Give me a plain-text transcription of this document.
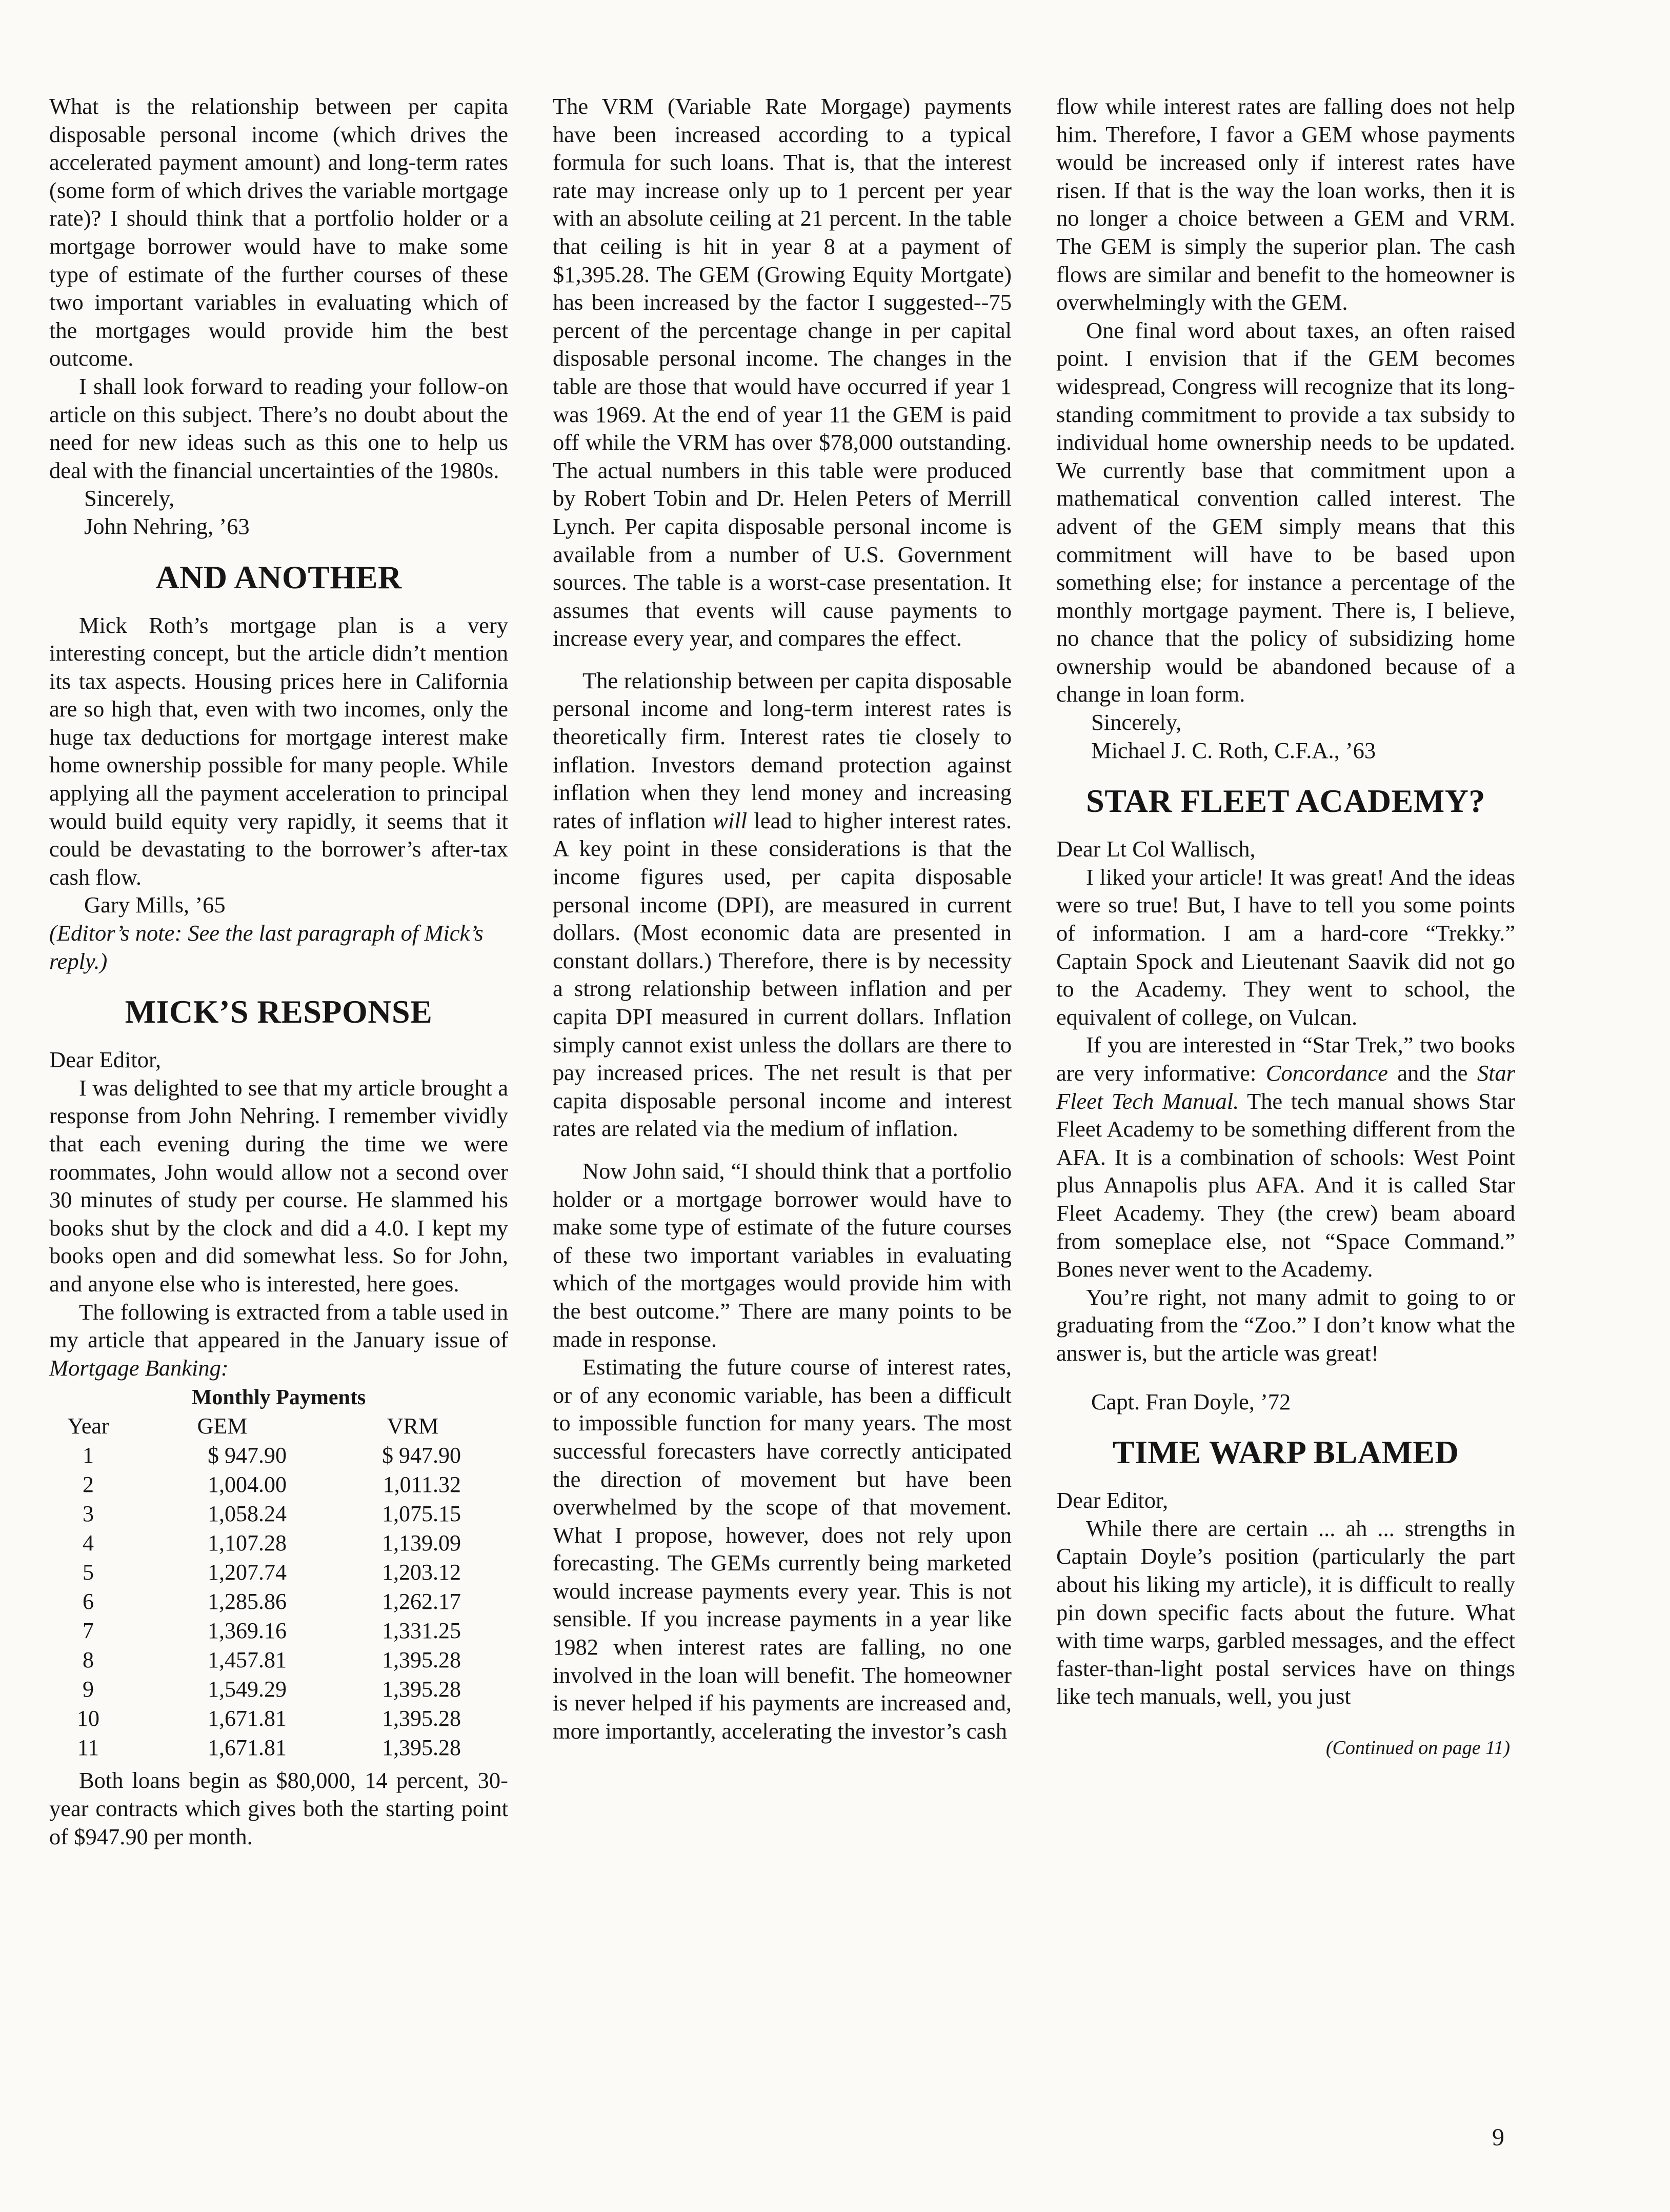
What is the relationship between per capita disposable personal income (which drives the accelerated payment amount) and long-term rates (some form of which drives the variable mortgage rate)? I should think that a portfolio holder or a mortgage borrower would have to make some type of estimate of the further courses of these two important variables in evaluating which of the mortgages would provide him the best outcome.

I shall look forward to reading your follow-on article on this subject. There’s no doubt about the need for new ideas such as this one to help us deal with the financial uncertainties of the 1980s.

Sincerely,

John Nehring, ’63

AND ANOTHER

Mick Roth’s mortgage plan is a very interesting concept, but the article didn’t mention its tax aspects. Housing prices here in California are so high that, even with two incomes, only the huge tax deductions for mortgage interest make home ownership possible for many people. While applying all the payment acceleration to principal would build equity very rapidly, it seems that it could be devastating to the borrower’s after-tax cash flow.

Gary Mills, ’65

(Editor’s note: See the last paragraph of Mick’s reply.)

MICK’S RESPONSE

Dear Editor,

I was delighted to see that my article brought a response from John Nehring. I remember vividly that each evening during the time we were roommates, John would allow not a second over 30 minutes of study per course. He slammed his books shut by the clock and did a 4.0. I kept my books open and did somewhat less. So for John, and anyone else who is interested, here goes.

The following is extracted from a table used in my article that appeared in the January issue of Mortgage Banking:

Monthly Payments
Year	GEM	VRM
1	$ 947.90	$ 947.90
2	1,004.00	1,011.32
3	1,058.24	1,075.15
4	1,107.28	1,139.09
5	1,207.74	1,203.12
6	1,285.86	1,262.17
7	1,369.16	1,331.25
8	1,457.81	1,395.28
9	1,549.29	1,395.28
10	1,671.81	1,395.28
11	1,671.81	1,395.28

Both loans begin as $80,000, 14 percent, 30-year contracts which gives both the starting point of $947.90 per month.

The VRM (Variable Rate Morgage) payments have been increased according to a typical formula for such loans. That is, that the interest rate may increase only up to 1 percent per year with an absolute ceiling at 21 percent. In the table that ceiling is hit in year 8 at a payment of $1,395.28. The GEM (Growing Equity Mortgate) has been increased by the factor I suggested--75 percent of the percentage change in per capital disposable personal income. The changes in the table are those that would have occurred if year 1 was 1969. At the end of year 11 the GEM is paid off while the VRM has over $78,000 outstanding. The actual numbers in this table were produced by Robert Tobin and Dr. Helen Peters of Merrill Lynch. Per capita disposable personal income is available from a number of U.S. Government sources. The table is a worst-case presentation. It assumes that events will cause payments to increase every year, and compares the effect.

The relationship between per capita disposable personal income and long-term interest rates is theoretically firm. Interest rates tie closely to inflation. Investors demand protection against inflation when they lend money and increasing rates of inflation will lead to higher interest rates. A key point in these considerations is that the income figures used, per capita disposable personal income (DPI), are measured in current dollars. (Most economic data are presented in constant dollars.) Therefore, there is by necessity a strong relationship between inflation and per capita DPI measured in current dollars. Inflation simply cannot exist unless the dollars are there to pay increased prices. The net result is that per capita disposable personal income and interest rates are related via the medium of inflation.

Now John said, “I should think that a portfolio holder or a mortgage borrower would have to make some type of estimate of the future courses of these two important variables in evaluating which of the mortgages would provide him with the best outcome.” There are many points to be made in response.

Estimating the future course of interest rates, or of any economic variable, has been a difficult to impossible function for many years. The most successful forecasters have correctly anticipated the direction of movement but have been overwhelmed by the scope of that movement. What I propose, however, does not rely upon forecasting. The GEMs currently being marketed would increase payments every year. This is not sensible. If you increase payments in a year like 1982 when interest rates are falling, no one involved in the loan will benefit. The homeowner is never helped if his payments are increased and, more importantly, accelerating the investor’s cash

flow while interest rates are falling does not help him. Therefore, I favor a GEM whose payments would be increased only if interest rates have risen. If that is the way the loan works, then it is no longer a choice between a GEM and VRM. The GEM is simply the superior plan. The cash flows are similar and benefit to the homeowner is overwhelmingly with the GEM.

One final word about taxes, an often raised point. I envision that if the GEM becomes widespread, Congress will recognize that its long-standing commitment to provide a tax subsidy to individual home ownership needs to be updated. We currently base that commitment upon a mathematical convention called interest. The advent of the GEM simply means that this commitment will have to be based upon something else; for instance a percentage of the monthly mortgage payment. There is, I believe, no chance that the policy of subsidizing home ownership would be abandoned because of a change in loan form.

Sincerely,

Michael J. C. Roth, C.F.A., ’63

STAR FLEET ACADEMY?

Dear Lt Col Wallisch,

I liked your article! It was great! And the ideas were so true! But, I have to tell you some points of information. I am a hard-core “Trekky.” Captain Spock and Lieutenant Saavik did not go to the Academy. They went to school, the equivalent of college, on Vulcan.

If you are interested in “Star Trek,” two books are very informative: Concordance and the Star Fleet Tech Manual. The tech manual shows Star Fleet Academy to be something different from the AFA. It is a combination of schools: West Point plus Annapolis plus AFA. And it is called Star Fleet Academy. They (the crew) beam aboard from someplace else, not “Space Command.” Bones never went to the Academy.

You’re right, not many admit to going to or graduating from the “Zoo.” I don’t know what the answer is, but the article was great!

Capt. Fran Doyle, ’72

TIME WARP BLAMED

Dear Editor,

While there are certain ... ah ... strengths in Captain Doyle’s position (particularly the part about his liking my article), it is difficult to really pin down specific facts about the future. What with time warps, garbled messages, and the effect faster-than-light postal services have on things like tech manuals, well, you just

(Continued on page 11)
9
